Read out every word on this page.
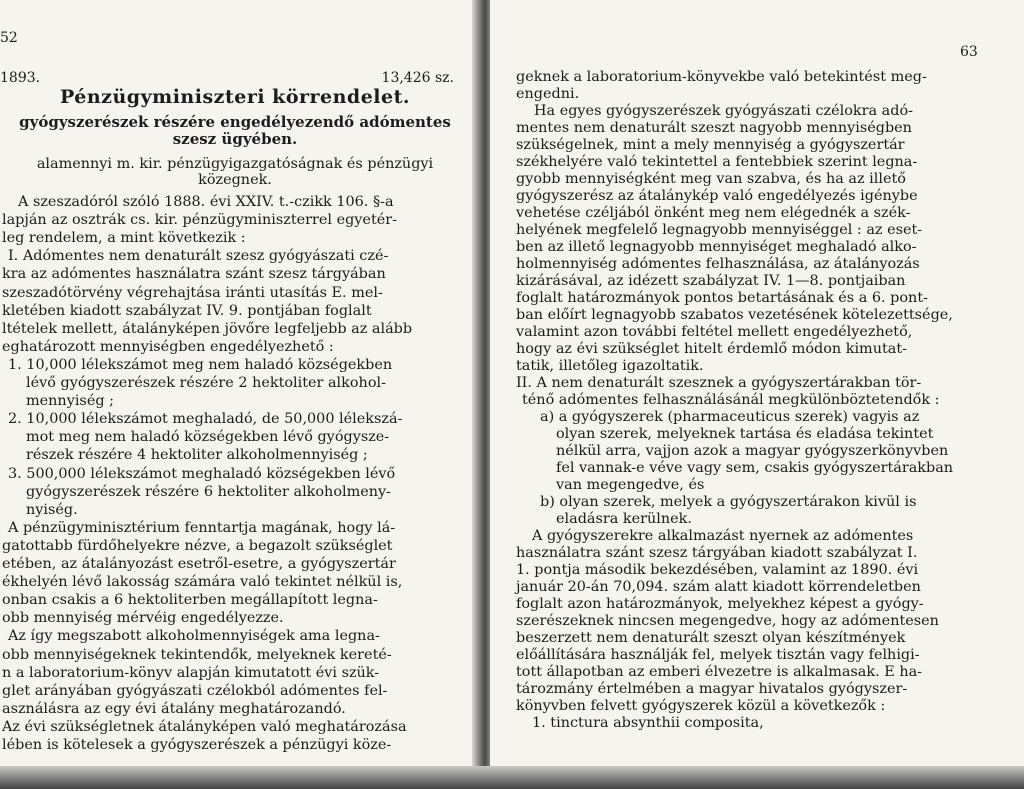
52
1893.	13,426 sz.
Pénzügyminiszteri körrendelet.
gyógyszerészek részére engedélyezendő adómentes
szesz ügyében.
alamennyi m. kir. pénzügyigazgatóságnak és pénzügyi
közegnek.
A szeszadóról szóló 1888. évi XXIV. t.-czikk 106. §-a
lapján az osztrák cs. kir. pénzügyminiszterrel egyetér-
leg rendelem, a mint következik :
I. Adómentes nem denaturált szesz gyógyászati czé-
kra az adómentes használatra szánt szesz tárgyában
szeszadótörvény végrehajtása iránti utasítás E. mel-
kletében kiadott szabályzat IV. 9. pontjában foglalt
ltételek mellett, átalányképen jövőre legfeljebb az alább
eghatározott mennyiségben engedélyezhető :
1. 10,000 lélekszámot meg nem haladó községekben
lévő gyógyszerészek részére 2 hektoliter alkohol-
mennyiség ;
2. 10,000 lélekszámot meghaladó, de 50,000 lélekszá-
mot meg nem haladó községekben lévő gyógysze-
részek részére 4 hektoliter alkoholmennyiség ;
3. 500,000 lélekszámot meghaladó községekben lévő
gyógyszerészek részére 6 hektoliter alkoholmeny-
nyiség.
A pénzügyminisztérium fenntartja magának, hogy lá-
gatottabb fürdőhelyekre nézve, a begazolt szükséglet
etében, az átalányozást esetről-esetre, a gyógyszertár
ékhelyén lévő lakosság számára való tekintet nélkül is,
onban csakis a 6 hektoliterben megállapított legna-
obb mennyiség mérvéig engedélyezze.
Az így megszabott alkoholmennyiségek ama legna-
obb mennyiségeknek tekintendők, melyeknek kereté-
n a laboratorium-könyv alapján kimutatott évi szük-
glet arányában gyógyászati czélokból adómentes fel-
asználásra az egy évi átalány meghatározandó.
Az évi szükségletnek átalányképen való meghatározása
lében is kötelesek a gyógyszerészek a pénzügyi köze-
63
geknek a laboratorium-könyvekbe való betekintést meg-
engedni.
Ha egyes gyógyszerészek gyógyászati czélokra adó-
mentes nem denaturált szeszt nagyobb mennyiségben
szükségelnek, mint a mely mennyiség a gyógyszertár
székhelyére való tekintettel a fentebbiek szerint legna-
gyobb mennyiségként meg van szabva, és ha az illető
gyógyszerész az átalánykép való engedélyezés igénybe
vehetése czéljából önként meg nem elégednék a szék-
helyének megfelelő legnagyobb mennyiséggel : az eset-
ben az illető legnagyobb mennyiséget meghaladó alko-
holmennyiség adómentes felhasználása, az átalányozás
kizárásával, az idézett szabályzat IV. 1—8. pontjaiban
foglalt határozmányok pontos betartásának és a 6. pont-
ban előírt legnagyobb szabatos vezetésének kötelezettsége,
valamint azon további feltétel mellett engedélyezhető,
hogy az évi szükséglet hitelt érdemlő módon kimutat-
tatik, illetőleg igazoltatik.
II. A nem denaturált szesznek a gyógyszertárakban tör-
ténő adómentes felhasználásánál megkülönböztetendők :
a) a gyógyszerek (pharmaceuticus szerek) vagyis az
olyan szerek, melyeknek tartása és eladása tekintet
nélkül arra, vajjon azok a magyar gyógyszerkönyvben
fel vannak-e véve vagy sem, csakis gyógyszertárakban
van megengedve, és
b) olyan szerek, melyek a gyógyszertárakon kivül is
eladásra kerülnek.
A gyógyszerekre alkalmazást nyernek az adómentes
használatra szánt szesz tárgyában kiadott szabályzat I.
1. pontja második bekezdésében, valamint az 1890. évi
január 20-án 70,094. szám alatt kiadott körrendeletben
foglalt azon határozmányok, melyekhez képest a gyógy-
szerészeknek nincsen megengedve, hogy az adómentesen
beszerzett nem denaturált szeszt olyan készítmények
előállítására használják fel, melyek tisztán vagy felhigi-
tott állapotban az emberi élvezetre is alkalmasak. E ha-
tározmány értelmében a magyar hivatalos gyógyszer-
könyvben felvett gyógyszerek közül a következők :
1. tinctura absynthii composita,
